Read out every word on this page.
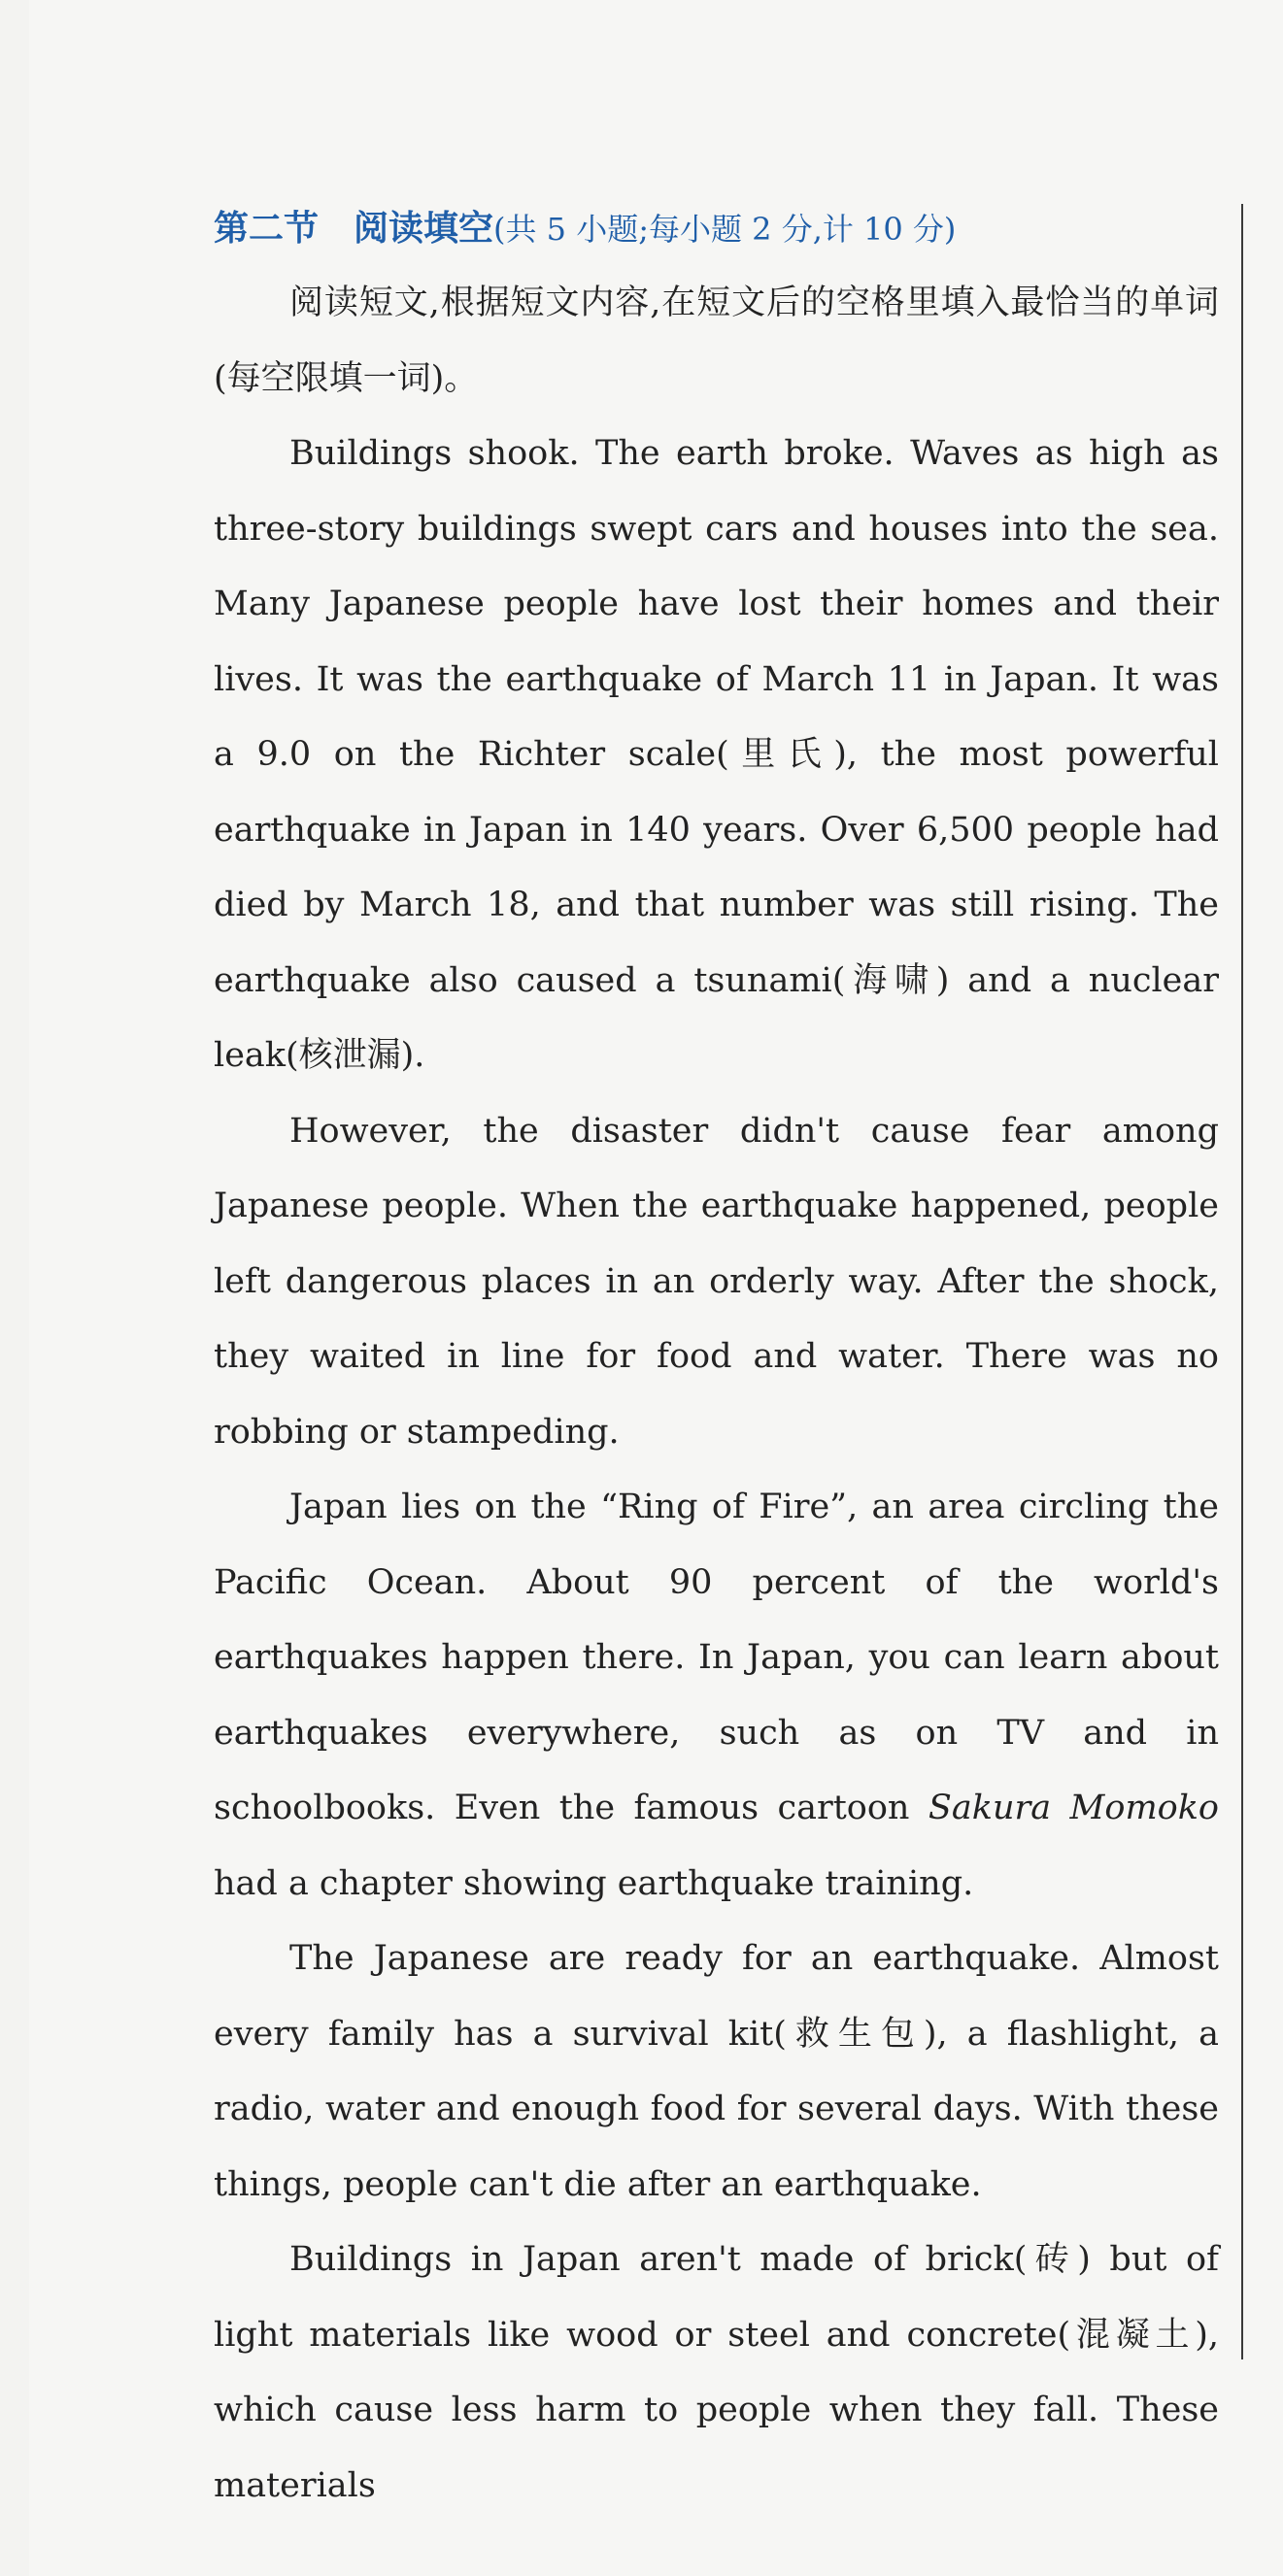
第二节　阅读填空(共 5 小题;每小题 2 分,计 10 分)

阅读短文,根据短文内容,在短文后的空格里填入最恰当的单词(每空限填一词)。

Buildings shook. The earth broke. Waves as high as three-story buildings swept cars and houses into the sea. Many Japanese people have lost their homes and their lives. It was the earthquake of March 11 in Japan. It was a 9.0 on the Richter scale(里氏), the most powerful earthquake in Japan in 140 years. Over 6,500 people had died by March 18, and that number was still rising. The earthquake also caused a tsunami(海啸) and a nuclear leak(核泄漏).

However, the disaster didn't cause fear among Japanese people. When the earthquake happened, people left dangerous places in an orderly way. After the shock, they waited in line for food and water. There was no robbing or stampeding.

Japan lies on the “Ring of Fire”, an area circling the Pacific Ocean. About 90 percent of the world's earthquakes happen there. In Japan, you can learn about earthquakes everywhere, such as on TV and in schoolbooks. Even the famous cartoon Sakura Momoko had a chapter showing earthquake training.

The Japanese are ready for an earthquake. Almost every family has a survival kit(救生包), a flashlight, a radio, water and enough food for several days. With these things, people can't die after an earthquake.

Buildings in Japan aren't made of brick(砖) but of light materials like wood or steel and concrete(混凝土), which cause less harm to people when they fall. These materials
